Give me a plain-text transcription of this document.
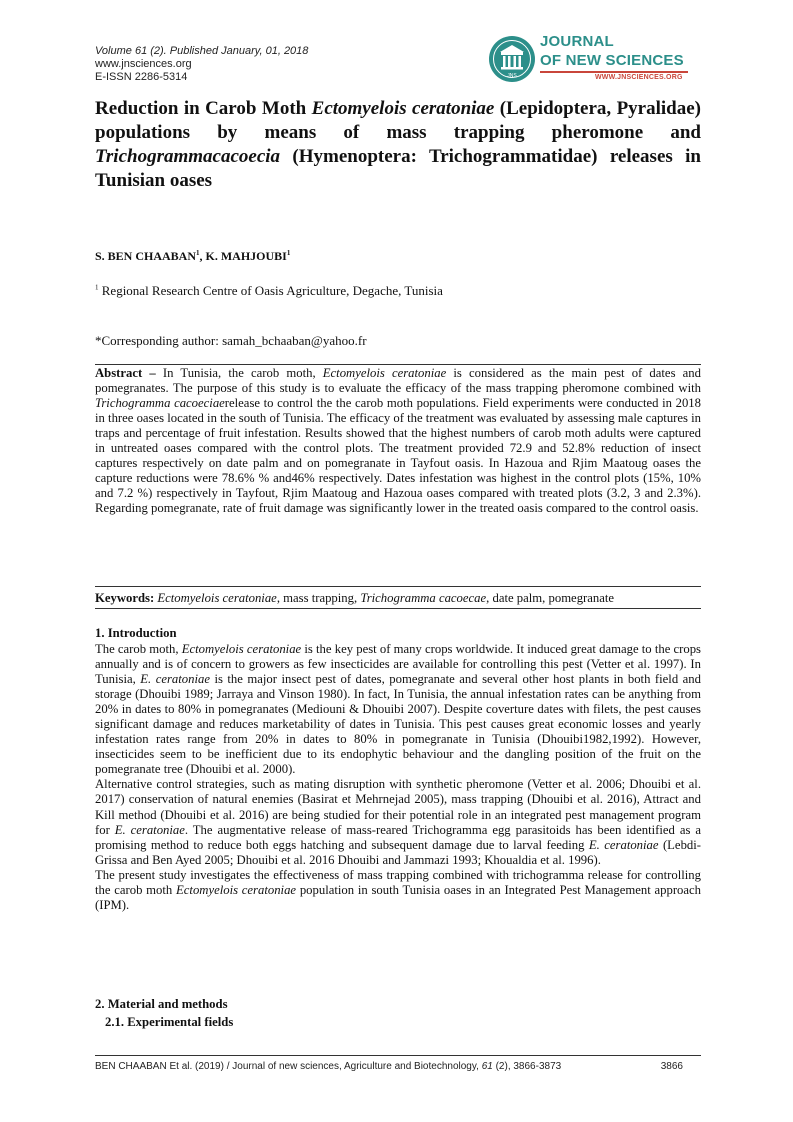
Volume 61 (2). Published January, 01, 2018
www.jnsciences.org
E-ISSN 2286-5314	JNS
JOURNAL
OF NEW SCIENCES
WWW.JNSCIENCES.ORG
Reduction in Carob Moth Ectomyelois ceratoniae (Lepidoptera, Pyralidae) populations by means of mass trapping pheromone and Trichogrammacacoecia (Hymenoptera: Trichogrammatidae) releases in Tunisian oases
S. BEN CHAABAN$^1$, K. MAHJOUBI$^1$
$^1$ Regional Research Centre of Oasis Agriculture, Degache, Tunisia
*Corresponding author: samah_bchaaban@yahoo.fr
Abstract – In Tunisia, the carob moth, Ectomyelois ceratoniae is considered as the main pest of dates and pomegranates. The purpose of this study is to evaluate the efficacy of the mass trapping pheromone combined with Trichogramma cacoeciaerelease to control the the carob moth populations. Field experiments were conducted in 2018 in three oases located in the south of Tunisia. The efficacy of the treatment was evaluated by assessing male captures in traps and percentage of fruit infestation. Results showed that the highest numbers of carob moth adults were captured in untreated oases compared with the control plots. The treatment provided 72.9 and 52.8% reduction of insect captures respectively on date palm and on pomegranate in Tayfout oasis. In Hazoua and Rjim Maatoug oases the capture reductions were 78.6% % and46% respectively. Dates infestation was highest in the control plots (15%, 10% and 7.2 %) respectively in Tayfout, Rjim Maatoug and Hazoua oases compared with treated plots (3.2, 3 and 2.3%). Regarding pomegranate, rate of fruit damage was significantly lower in the treated oasis compared to the control oasis.
Keywords: Ectomyelois ceratoniae, mass trapping, Trichogramma cacoecae, date palm, pomegranate
1. Introduction

The carob moth, Ectomyelois ceratoniae is the key pest of many crops worldwide. It induced great damage to the crops annually and is of concern to growers as few insecticides are available for controlling this pest (Vetter et al. 1997). In Tunisia, E. ceratoniae is the major insect pest of dates, pomegranate and several other host plants in both field and storage (Dhouibi 1989; Jarraya and Vinson 1980). In fact, In Tunisia, the annual infestation rates can be anything from 20% in dates to 80% in pomegranates (Mediouni & Dhouibi 2007). Despite coverture dates with filets, the pest causes significant damage and reduces marketability of dates in Tunisia. This pest causes great economic losses and yearly infestation rates range from 20% in dates to 80% in pomegranate in Tunisia (Dhouibi1982,1992). However, insecticides seem to be inefficient due to its endophytic behaviour and the dangling position of the fruit on the pomegranate tree (Dhouibi et al. 2000).

Alternative control strategies, such as mating disruption with synthetic pheromone (Vetter et al. 2006; Dhouibi et al. 2017) conservation of natural enemies (Basirat et Mehrnejad 2005), mass trapping (Dhouibi et al. 2016), Attract and Kill method (Dhouibi et al. 2016) are being studied for their potential role in an integrated pest management program for E. ceratoniae. The augmentative release of mass-reared Trichogramma egg parasitoids has been identified as a promising method to reduce both eggs hatching and subsequent damage due to larval feeding E. ceratoniae (Lebdi-Grissa and Ben Ayed 2005; Dhouibi et al. 2016 Dhouibi and Jammazi 1993; Khoualdia et al. 1996).

The present study investigates the effectiveness of mass trapping combined with trichogramma release for controlling the carob moth Ectomyelois ceratoniae population in south Tunisia oases in an Integrated Pest Management approach (IPM).

2. Material and methods
2.1. Experimental fields
BEN CHAABAN Et al. (2019) / Journal of new sciences, Agriculture and Biotechnology, 61 (2), 3866-3873	3866
